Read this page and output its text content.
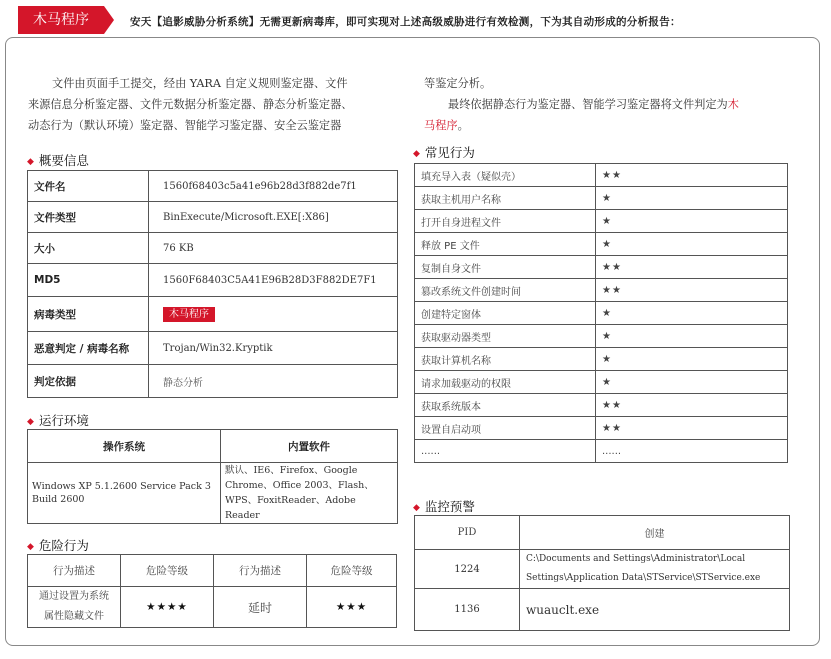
木马程序	安天【追影威胁分析系统】无需更新病毒库，即可实现对上述高级威胁进行有效检测，下为其自动形成的分析报告：
文件由页面手工提交，经由 YARA 自定义规则鉴定器、文件
来源信息分析鉴定器、文件元数据分析鉴定器、静态分析鉴定器、
动态行为（默认环境）鉴定器、智能学习鉴定器、安全云鉴定器
等鉴定分析。
最终依据静态行为鉴定器、智能学习鉴定器将文件判定为木
马程序。
◆ 概要信息
文件名	1560f68403c5a41e96b28d3f882de7f1
文件类型	BinExecute/Microsoft.EXE[:X86]
大小	76 KB
MD5	1560F68403C5A41E96B28D3F882DE7F1
病毒类型	木马程序
恶意判定 / 病毒名称	Trojan/Win32.Kryptik
判定依据	静态分析
◆ 运行环境
操作系统	内置软件
Windows XP 5.1.2600 Service Pack 3 Build 2600	默认、IE6、Firefox、Google
Chrome、Office 2003、Flash、
WPS、FoxitReader、Adobe Reader
◆ 危险行为
行为描述	危险等级	行为描述	危险等级

通过设置为系统
属性隐藏文件	★★★★	延时	★★★
◆ 常见行为
填充导入表（疑似壳）	★★
获取主机用户名称	★
打开自身进程文件	★
释放 PE 文件	★
复制自身文件	★★
篡改系统文件创建时间	★★
创建特定窗体	★
获取驱动器类型	★
获取计算机名称	★
请求加载驱动的权限	★
获取系统版本	★★
设置自启动项	★★
......	......
◆ 监控预警
PID	创建
1224	C:\Documents and Settings\Administrator\Local
Settings\Application Data\STService\STService.exe

1136	wuauclt.exe
